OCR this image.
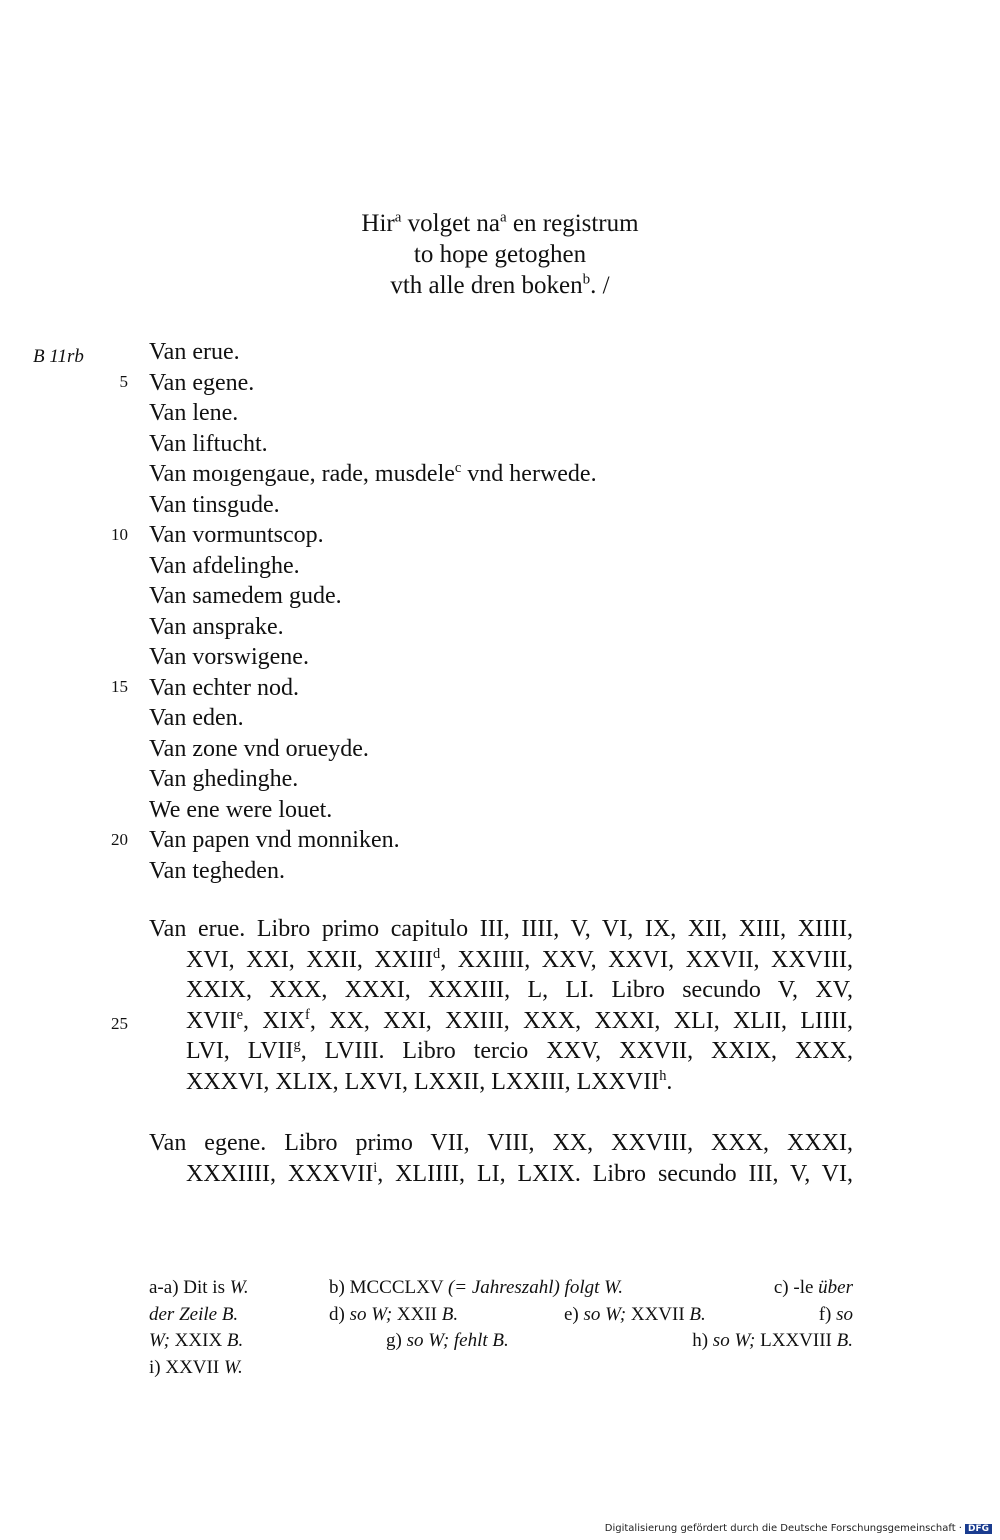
Hir$^a$ volget $na^a$ en registrum
to hope getoghen
vth alle dren boken$^b$. /
B 11rb
5
10
15
20
25
Van erue.
Van egene.
Van lene.
Van liftucht.
Van moıgengaue, rade, musdele$^c$ vnd herwede.
Van tinsgude.
Van vormuntscop.
Van afdelinghe.
Van samedem gude.
Van ansprake.
Van vorswigene.
Van echter nod.
Van eden.
Van zone vnd orueyde.
Van ghedinghe.
We ene were louet.
Van papen vnd monniken.
Van tegheden.
Van erue. Libro primo capitulo III, IIII, V, VI, IX, XII, XIII, XIIII,
XVI, XXI, XXII, XXIII$^d$, XXIIII, XXV, XXVI, XXVII, XXVIII,
XXIX, XXX, XXXI, XXXIII, L, LI. Libro secundo V, XV,
XVIIe, XIX$^f$, XX, XXI, XXIII, XXX, XXXI, XLI, XLII, LIIII,
LVI, LVII$^g$, LVIII. Libro tercio XXV, XXVII, XXIX, XXX,
XXXVI, XLIX, LXVI, LXXII, LXXIII, LXXVII$^h$.
Van egene. Libro primo VII, VIII, XX, XXVIII, XXX, XXXI,
XXXIIII, XXXVII$^i$, XLIIII, LI, LXIX. Libro secundo III, V, VI,
a-a) Dit is W.	b) MCCCLXV (= Jahreszahl) folgt W.	c) -le über
der Zeile B.	d) so W; XXII B.	e) so W; XXVII B.	f) so
W; XXIX B.	g) so W; fehlt B.	h) so W; LXXVIII B.
i) XXVII W.
Digitalisierung gefördert durch die Deutsche Forschungsgemeinschaft · DFG
